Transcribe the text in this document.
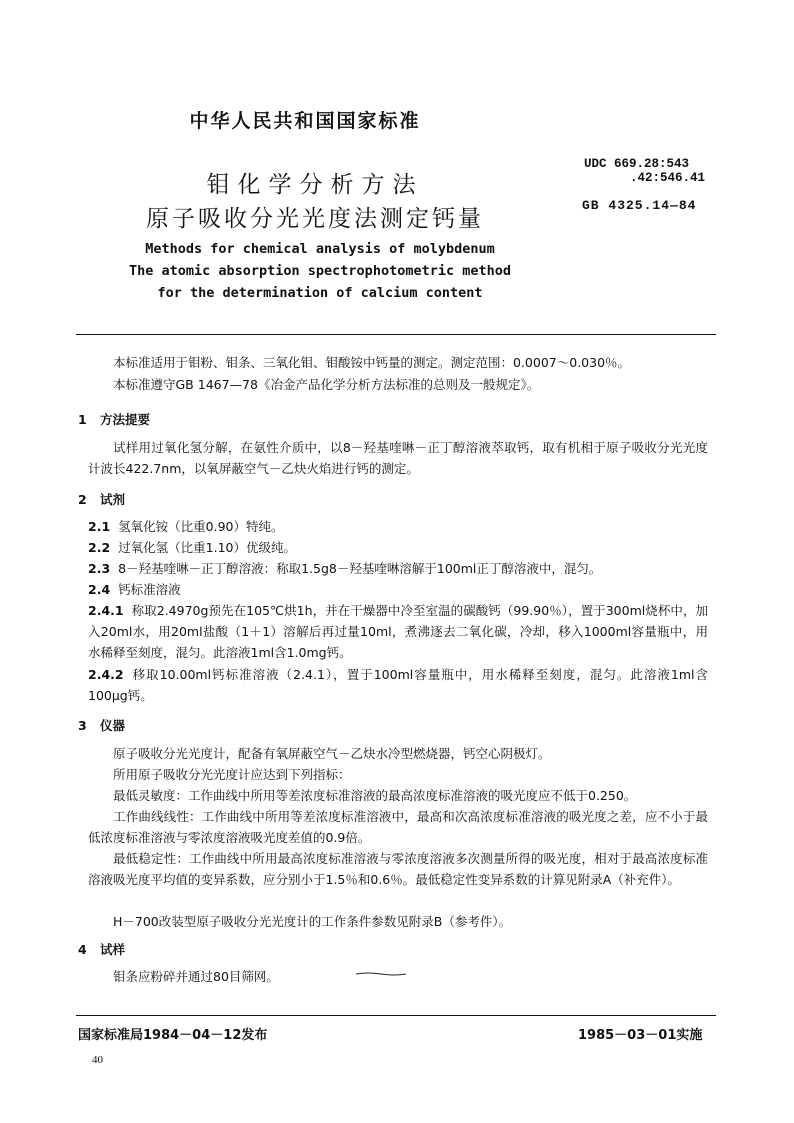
中华人民共和国国家标准
钼化学分析方法
原子吸收分光光度法测定钙量
UDC 669.28:543
.42:546.41
GB 4325.14—84
Methods for chemical analysis of molybdenum
The atomic absorption spectrophotometric method
for the determination of calcium content
本标准适用于钼粉、钼条、三氧化钼、钼酸铵中钙量的测定。测定范围：0.0007～0.030％。
本标准遵守GB 1467—78《冶金产品化学分析方法标准的总则及一般规定》。
1 方法提要
试样用过氧化氢分解，在氨性介质中，以8－羟基喹啉－正丁醇溶液萃取钙，取有机相于原子吸收分光光度计波长422.7nm，以氧屏蔽空气－乙炔火焰进行钙的测定。
2 试剂
2.1 氢氧化铵（比重0.90）特纯。
2.2 过氧化氢（比重1.10）优级纯。
2.3 8－羟基喹啉－正丁醇溶液：称取1.5g8－羟基喹啉溶解于100ml正丁醇溶液中，混匀。
2.4 钙标准溶液
2.4.1 称取2.4970g预先在105℃烘1h，并在干燥器中冷至室温的碳酸钙（99.90％），置于300ml烧杯中，加入20ml水，用20ml盐酸（1＋1）溶解后再过量10ml，煮沸逐去二氧化碳，冷却，移入1000ml容量瓶中，用水稀释至刻度，混匀。此溶液1ml含1.0mg钙。
2.4.2 移取10.00ml钙标准溶液（2.4.1），置于100ml容量瓶中，用水稀释至刻度，混匀。此溶液1ml含100μg钙。
3 仪器
原子吸收分光光度计，配备有氧屏蔽空气－乙炔水冷型燃烧器，钙空心阴极灯。
所用原子吸收分光光度计应达到下列指标：
最低灵敏度：工作曲线中所用等差浓度标准溶液的最高浓度标准溶液的吸光度应不低于0.250。
工作曲线线性：工作曲线中所用等差浓度标准溶液中，最高和次高浓度标准溶液的吸光度之差，应不小于最低浓度标准溶液与零浓度溶液吸光度差值的0.9倍。
最低稳定性：工作曲线中所用最高浓度标准溶液与零浓度溶液多次测量所得的吸光度，相对于最高浓度标准溶液吸光度平均值的变异系数，应分别小于1.5％和0.6％。最低稳定性变异系数的计算见附录A（补充件）。
H－700改装型原子吸收分光光度计的工作条件参数见附录B（参考件）。
4 试样
钼条应粉碎并通过80目筛网。
国家标准局1984－04－12发布	1985－03－01实施
40
